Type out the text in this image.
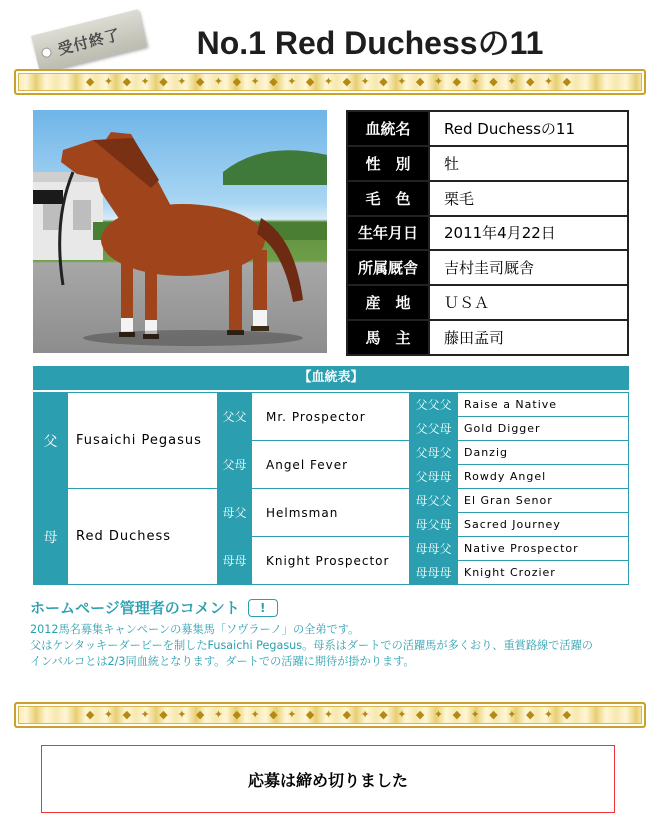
受付終了	No.1 Red Duchessの11
◆ ✦ ◆ ✦ ◆ ✦ ◆ ✦ ◆ ✦ ◆ ✦ ◆ ✦ ◆ ✦ ◆ ✦ ◆ ✦ ◆ ✦ ◆ ✦ ◆ ✦ ◆
血統名	Red Duchessの11
性　別	牡
毛　色	栗毛
生年月日	2011年4月22日
所属厩舎	吉村圭司厩舎
産　地	ＵＳＡ
馬　主	藤田孟司
【血統表】
父	Fusaichi Pegasus	父父	Mr. Prospector	父父父	Raise a Native
				父父母	Gold Digger
		父母	Angel Fever	父母父	Danzig
				父母母	Rowdy Angel
母	Red Duchess	母父	Helmsman	母父父	El Gran Senor
				母父母	Sacred Journey
		母母	Knight Prospector	母母父	Native Prospector
				母母母	Knight Crozier
ホームページ管理者のコメント	!
2012馬名募集キャンペーンの募集馬「ソヴラーノ」の全弟です。
父はケンタッキーダービーを制したFusaichi Pegasus。母系はダートでの活躍馬が多くおり、重賞路線で活躍の
インバルコとは2/3同血統となります。ダートでの活躍に期待が掛かります。
◆ ✦ ◆ ✦ ◆ ✦ ◆ ✦ ◆ ✦ ◆ ✦ ◆ ✦ ◆ ✦ ◆ ✦ ◆ ✦ ◆ ✦ ◆ ✦ ◆ ✦ ◆
応募は締め切りました
